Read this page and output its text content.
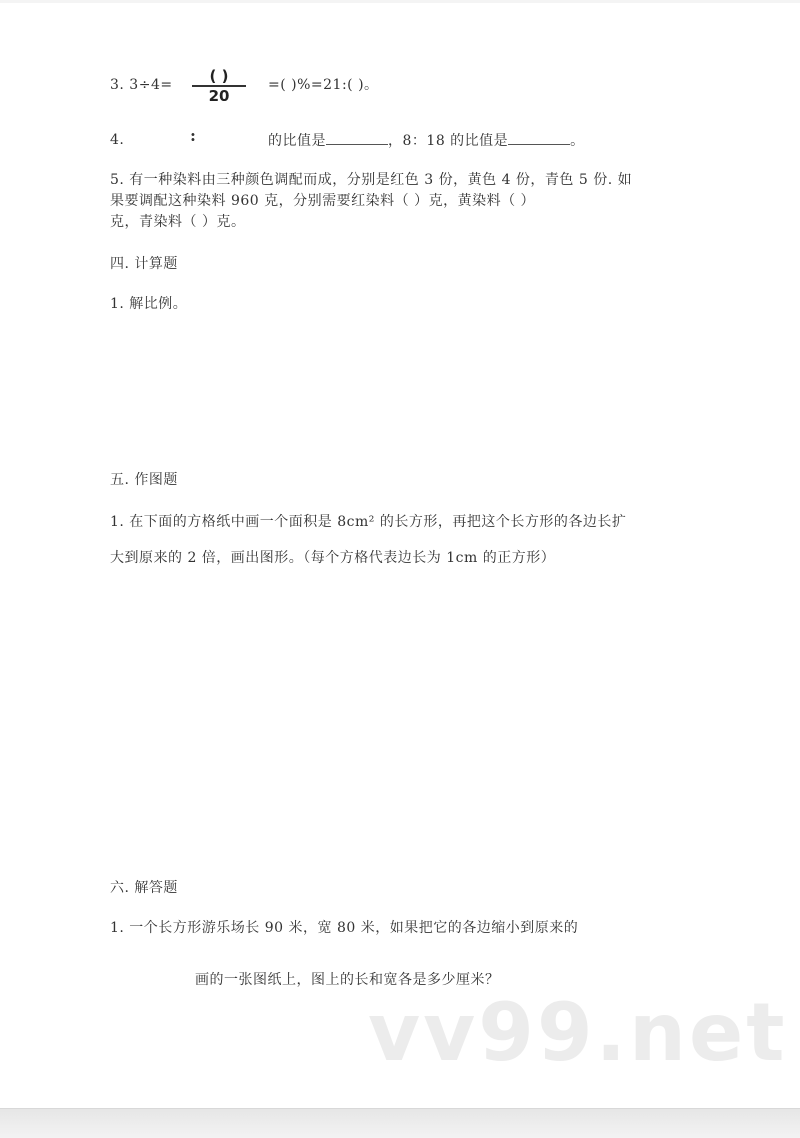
3. 3÷4=	( )
20
=( )%=21:( )。
4.	:	的比值是	，8：18 的比值是	。
5. 有一种染料由三种颜色调配而成，分别是红色 3 份，黄色 4 份，青色 5 份. 如
果要调配这种染料 960 克，分别需要红染料（ ）克，黄染料（ ）
克，青染料（ ）克。
四. 计算题
1. 解比例。
五. 作图题
1. 在下面的方格纸中画一个面积是 8cm² 的长方形，再把这个长方形的各边长扩
大到原来的 2 倍，画出图形。（每个方格代表边长为 1cm 的正方形）
六. 解答题
1. 一个长方形游乐场长 90 米，宽 80 米，如果把它的各边缩小到原来的
画的一张图纸上，图上的长和宽各是多少厘米？
vv99.net
